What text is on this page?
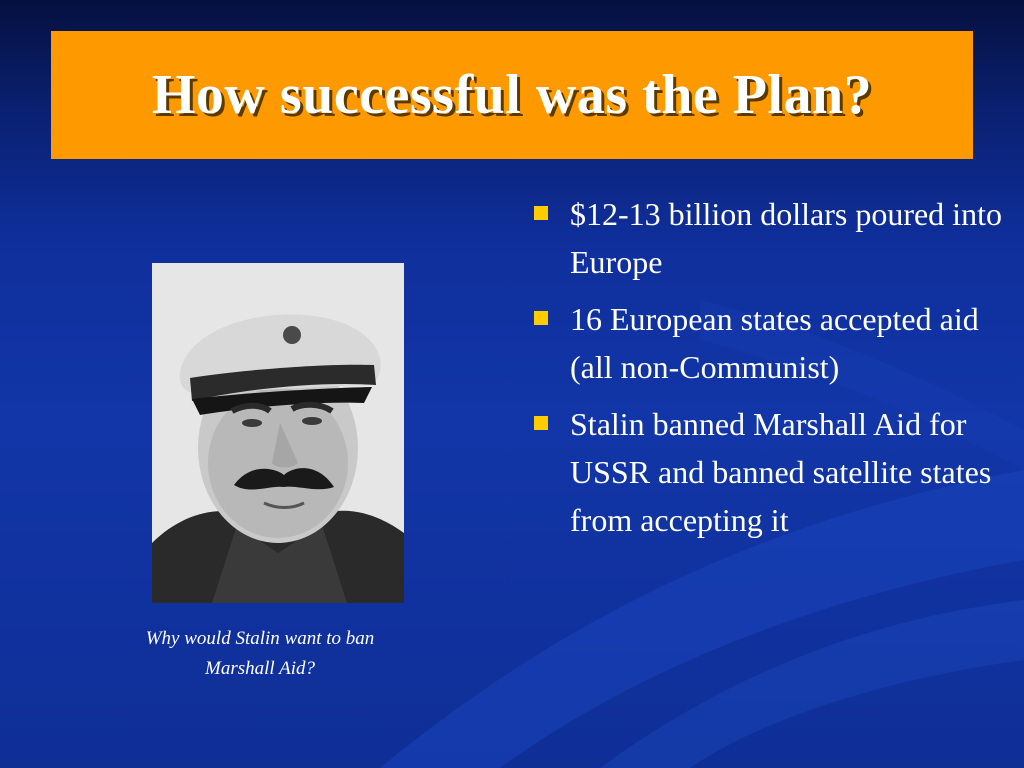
How successful was the Plan?
Why would Stalin want to ban Marshall Aid?
$12-13 billion dollars poured into Europe
16 European states accepted aid (all non-Communist)
Stalin banned Marshall Aid for USSR and banned satellite states from accepting it
